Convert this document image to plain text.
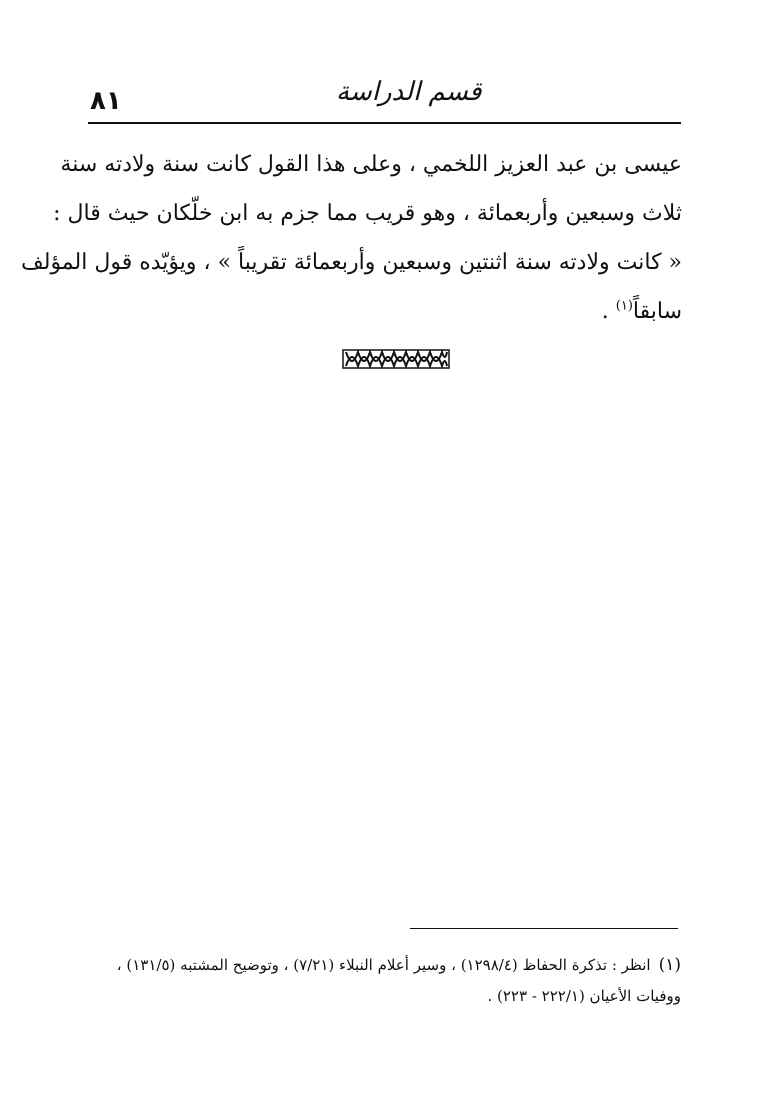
٨١	قسم الدراسة
عيسى بن عبد العزيز اللخمي ، وعلى هذا القول كانت سنة ولادته سنة
ثلاث وسبعين وأربعمائة ، وهو قريب مما جزم به ابن خلّكان حيث قال :
« كانت ولادته سنة اثنتين وسبعين وأربعمائة تقريباً » ، ويؤيّده قول المؤلف
سابقاً$^{(١)}$ .
(١)انظر : تذكرة الحفاظ (١٢٩٨/٤) ، وسير أعلام النبلاء (٧/٢١) ، وتوضيح المشتبه (١٣١/٥) ،
ووفيات الأعيان (٢٢٢/١ - ٢٢٣) .
